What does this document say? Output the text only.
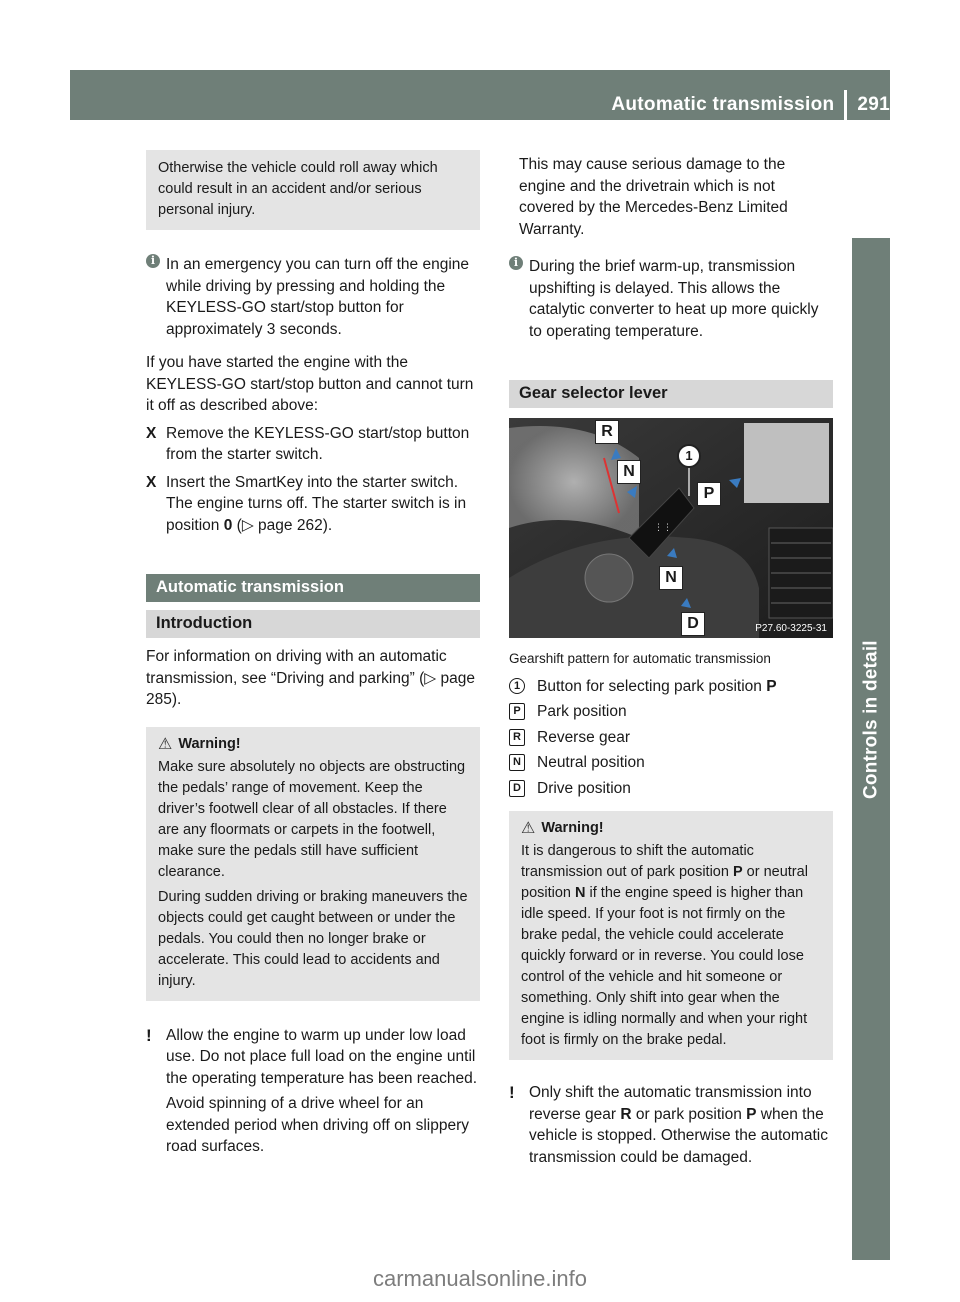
Automatic transmission 291
Controls in detail

Otherwise the vehicle could roll away which could result in an accident and/or serious personal injury.

i In an emergency you can turn off the engine while driving by pressing and holding the KEYLESS-GO start/stop button for approximately 3 seconds.

If you have started the engine with the KEYLESS-GO start/stop button and cannot turn it off as described above:

X Remove the KEYLESS-GO start/stop button from the starter switch.

X Insert the SmartKey into the starter switch. The engine turns off. The starter switch is in position 0 (▷ page 262).

Automatic transmission
Introduction

For information on driving with an automatic transmission, see “Driving and parking” (▷ page 285).

⚠ Warning!

Make sure absolutely no objects are obstructing the pedals’ range of movement. Keep the driver’s footwell clear of all obstacles. If there are any floormats or carpets in the footwell, make sure the pedals still have sufficient clearance.

During sudden driving or braking maneuvers the objects could get caught between or under the pedals. You could then no longer brake or accelerate. This could lead to accidents and injury.

! Allow the engine to warm up under low load use. Do not place full load on the engine until the operating temperature has been reached.

Avoid spinning of a drive wheel for an extended period when driving off on slippery road surfaces.

This may cause serious damage to the engine and the drivetrain which is not covered by the Mercedes-Benz Limited Warranty.

i During the brief warm-up, transmission upshifting is delayed. This allows the catalytic converter to heat up more quickly to operating temperature.

Gear selector lever
⋮⋮
R
N
1
P
N
D	P27.60-3225-31

Gearshift pattern for automatic transmission

1	Button for selecting park position P
P Park position
R Reverse gear
N Neutral position
D Drive position
⚠ Warning!

It is dangerous to shift the automatic transmission out of park position P or neutral position N if the engine speed is higher than idle speed. If your foot is not firmly on the brake pedal, the vehicle could accelerate quickly forward or in reverse. You could lose control of the vehicle and hit someone or something. Only shift into gear when the engine is idling normally and when your right foot is firmly on the brake pedal.

! Only shift the automatic transmission into reverse gear R or park position P when the vehicle is stopped. Otherwise the automatic transmission could be damaged.

carmanualsonline.info
